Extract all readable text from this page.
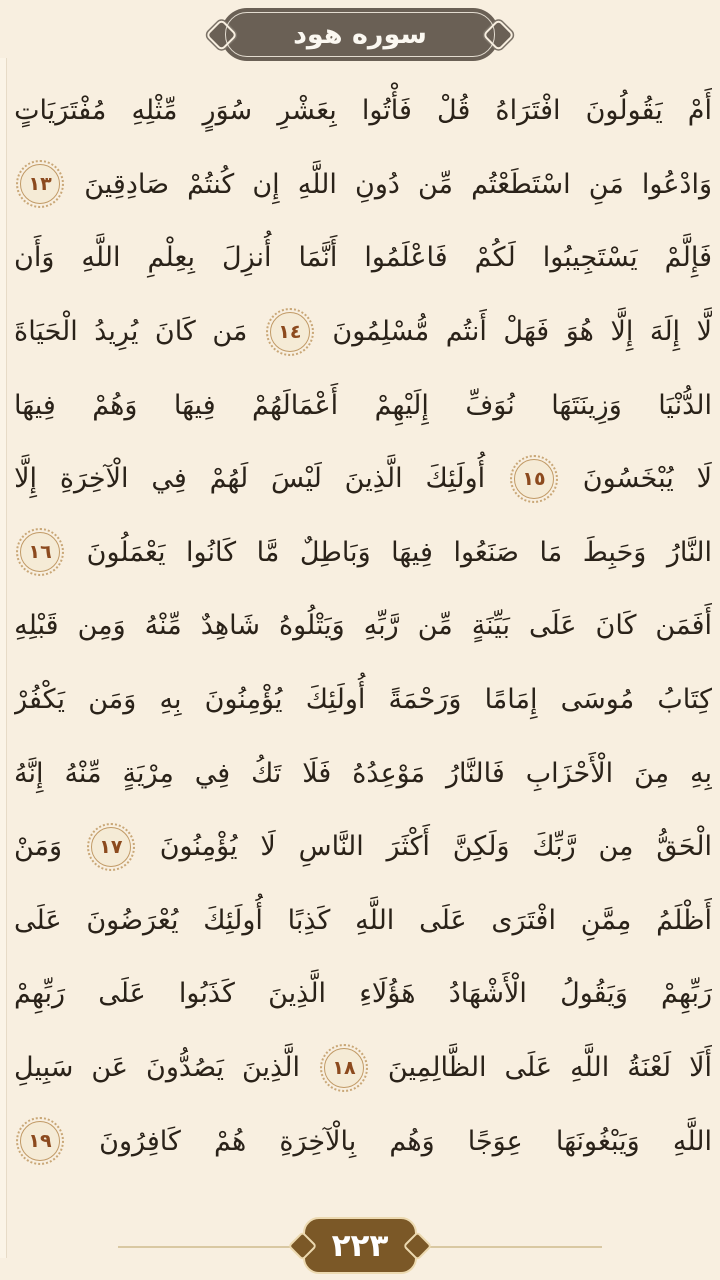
سوره هود
أَمْ
يَقُولُونَ
افْتَرَاهُ
قُلْ
فَأْتُوا
بِعَشْرِ
سُوَرٍ
مِّثْلِهِ
مُفْتَرَيَاتٍ
وَادْعُوا
مَنِ
اسْتَطَعْتُم
مِّن
دُونِ
اللَّهِ
إِن
كُنتُمْ
صَادِقِينَ
١٣
فَإِلَّمْ
يَسْتَجِيبُوا
لَكُمْ
فَاعْلَمُوا
أَنَّمَا
أُنزِلَ
بِعِلْمِ
اللَّهِ
وَأَن
لَّا
إِلَهَ
إِلَّا
هُوَ
فَهَلْ
أَنتُم
مُّسْلِمُونَ
١٤
مَن
كَانَ
يُرِيدُ
الْحَيَاةَ
الدُّنْيَا
وَزِينَتَهَا
نُوَفِّ
إِلَيْهِمْ
أَعْمَالَهُمْ
فِيهَا
وَهُمْ
فِيهَا
لَا
يُبْخَسُونَ
١٥
أُولَئِكَ
الَّذِينَ
لَيْسَ
لَهُمْ
فِي
الْآخِرَةِ
إِلَّا
النَّارُ
وَحَبِطَ
مَا
صَنَعُوا
فِيهَا
وَبَاطِلٌ
مَّا
كَانُوا
يَعْمَلُونَ
١٦
أَفَمَن
كَانَ
عَلَى
بَيِّنَةٍ
مِّن
رَّبِّهِ
وَيَتْلُوهُ
شَاهِدٌ
مِّنْهُ
وَمِن
قَبْلِهِ
كِتَابُ
مُوسَى
إِمَامًا
وَرَحْمَةً
أُولَئِكَ
يُؤْمِنُونَ
بِهِ
وَمَن
يَكْفُرْ
بِهِ
مِنَ
الْأَحْزَابِ
فَالنَّارُ
مَوْعِدُهُ
فَلَا
تَكُ
فِي
مِرْيَةٍ
مِّنْهُ
إِنَّهُ
الْحَقُّ
مِن
رَّبِّكَ
وَلَكِنَّ
أَكْثَرَ
النَّاسِ
لَا
يُؤْمِنُونَ
١٧
وَمَنْ
أَظْلَمُ
مِمَّنِ
افْتَرَى
عَلَى
اللَّهِ
كَذِبًا
أُولَئِكَ
يُعْرَضُونَ
عَلَى
رَبِّهِمْ
وَيَقُولُ
الْأَشْهَادُ
هَؤُلَاءِ
الَّذِينَ
كَذَبُوا
عَلَى
رَبِّهِمْ
أَلَا
لَعْنَةُ
اللَّهِ
عَلَى
الظَّالِمِينَ
١٨
الَّذِينَ
يَصُدُّونَ
عَن
سَبِيلِ
اللَّهِ
وَيَبْغُونَهَا
عِوَجًا
وَهُم
بِالْآخِرَةِ
هُمْ
كَافِرُونَ
١٩
٢٢٣
